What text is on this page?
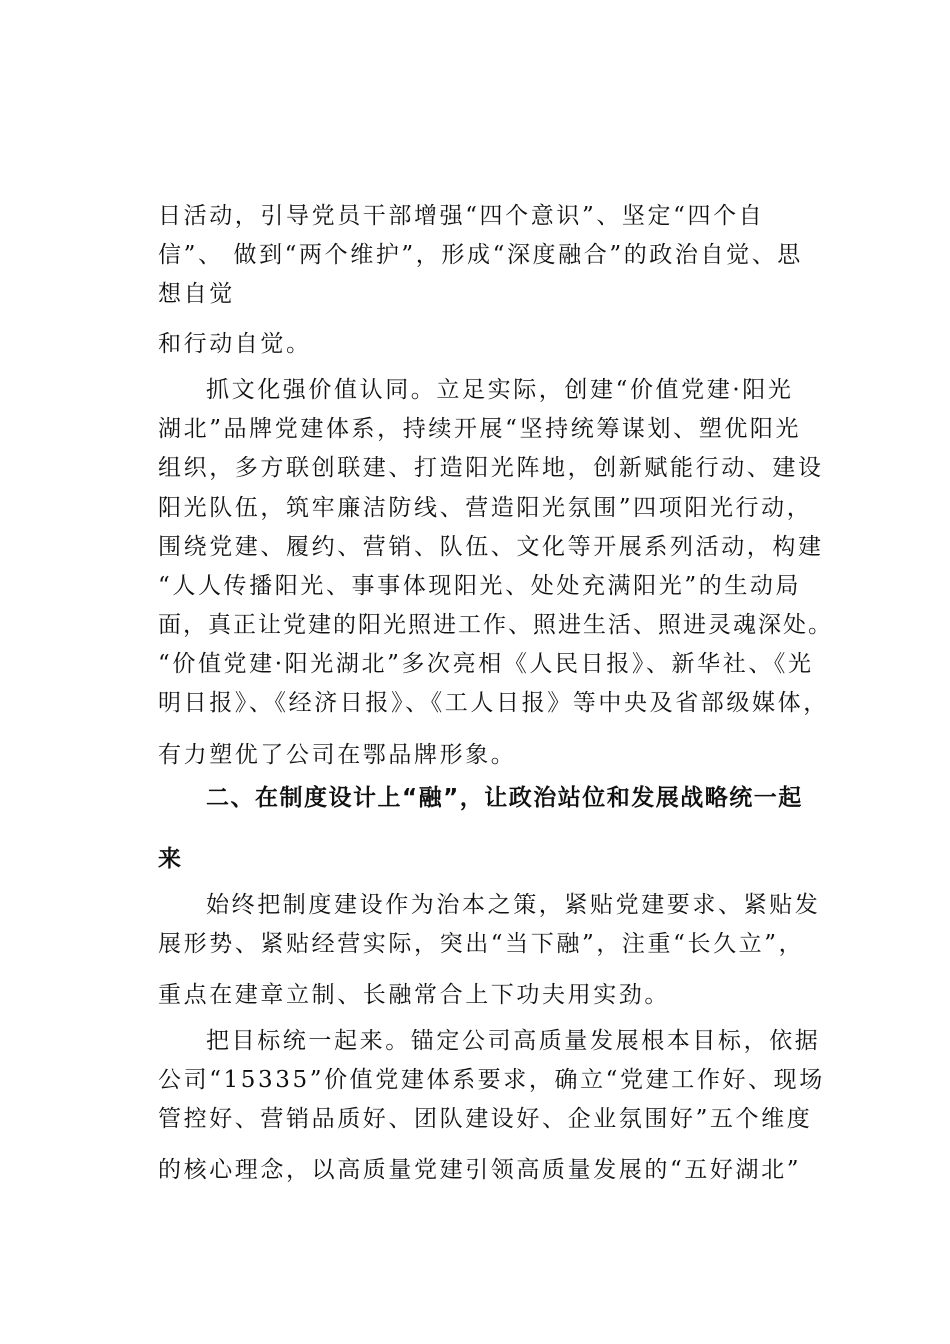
日活动，引导党员干部增强“四个意识”、坚定“四个自
信”、 做到“两个维护”，形成“深度融合”的政治自觉、思
想自觉
和行动自觉。
抓文化强价值认同。立足实际，创建“价值党建·阳光
湖北”品牌党建体系，持续开展“坚持统筹谋划、塑优阳光
组织，多方联创联建、打造阳光阵地，创新赋能行动、建设
阳光队伍，筑牢廉洁防线、营造阳光氛围”四项阳光行动，
围绕党建、履约、营销、队伍、文化等开展系列活动，构建
“人人传播阳光、事事体现阳光、处处充满阳光”的生动局
面，真正让党建的阳光照进工作、照进生活、照进灵魂深处。
“价值党建·阳光湖北”多次亮相《人民日报》、新华社、《光
明日报》、《经济日报》、《工人日报》等中央及省部级媒体，
有力塑优了公司在鄂品牌形象。
二、在制度设计上“融”，让政治站位和发展战略统一起
来
始终把制度建设作为治本之策，紧贴党建要求、紧贴发
展形势、紧贴经营实际，突出“当下融”，注重“长久立”，
重点在建章立制、长融常合上下功夫用实劲。
把目标统一起来。锚定公司高质量发展根本目标，依据
公司“15335”价值党建体系要求，确立“党建工作好、现场
管控好、营销品质好、团队建设好、企业氛围好”五个维度
的核心理念，以高质量党建引领高质量发展的“五好湖北”
